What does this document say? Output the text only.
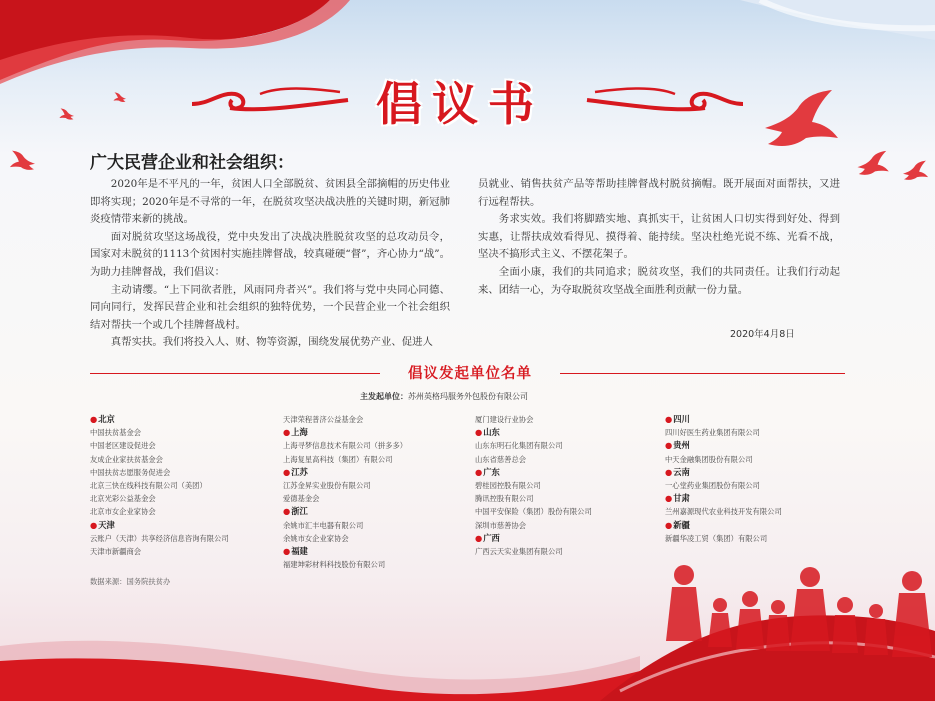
倡议书
广大民营企业和社会组织：

2020年是不平凡的一年，贫困人口全部脱贫、贫困县全部摘帽的历史伟业即将实现；2020年是不寻常的一年，在脱贫攻坚决战决胜的关键时期，新冠肺炎疫情带来新的挑战。

面对脱贫攻坚这场战役，党中央发出了决战决胜脱贫攻坚的总攻动员令，国家对未脱贫的1113个贫困村实施挂牌督战，较真碰硬“督”，齐心协力“战”。为助力挂牌督战，我们倡议：

主动请缨。“上下同欲者胜，风雨同舟者兴”。我们将与党中央同心同德、同向同行，发挥民营企业和社会组织的独特优势，一个民营企业一个社会组织结对帮扶一个或几个挂牌督战村。

真帮实扶。我们将投入人、财、物等资源，围绕发展优势产业、促进人

员就业、销售扶贫产品等帮助挂牌督战村脱贫摘帽。既开展面对面帮扶，又进行远程帮扶。

务求实效。我们将脚踏实地、真抓实干，让贫困人口切实得到好处、得到实惠，让帮扶成效看得见、摸得着、能持续。坚决杜绝光说不练、光看不战，坚决不搞形式主义、不摆花架子。

全面小康，我们的共同追求；脱贫攻坚，我们的共同责任。让我们行动起来、团结一心，为夺取脱贫攻坚战全面胜利贡献一份力量。

2020年4月8日
倡议发起单位名单
主发起单位：苏州英格玛服务外包股份有限公司
●北京
中国扶贫基金会
中国老区建设促进会
友成企业家扶贫基金会
中国扶贫志愿服务促进会
北京三快在线科技有限公司（美团）
北京光彩公益基金会
北京市女企业家协会
●天津
云账户（天津）共享经济信息咨询有限公司
天津市新疆商会
天津荣程普济公益基金会
●上海
上海寻梦信息技术有限公司（拼多多）
上海复星高科技（集团）有限公司
●江苏
江苏金昇实业股份有限公司
爱德基金会
●浙江
余姚市汇丰电器有限公司
余姚市女企业家协会
●福建
福建坤彩材料科技股份有限公司
厦门建设行业协会
●山东
山东东明石化集团有限公司
山东省慈善总会
●广东
碧桂园控股有限公司
腾讯控股有限公司
中国平安保险（集团）股份有限公司
深圳市慈善协会
●广西
广西云天实业集团有限公司
●四川
四川好医生药业集团有限公司
●贵州
中天金融集团股份有限公司
●云南
一心堂药业集团股份有限公司
●甘肃
兰州嘉源现代农业科技开发有限公司
●新疆
新疆华凌工贸（集团）有限公司
数据来源：国务院扶贫办
